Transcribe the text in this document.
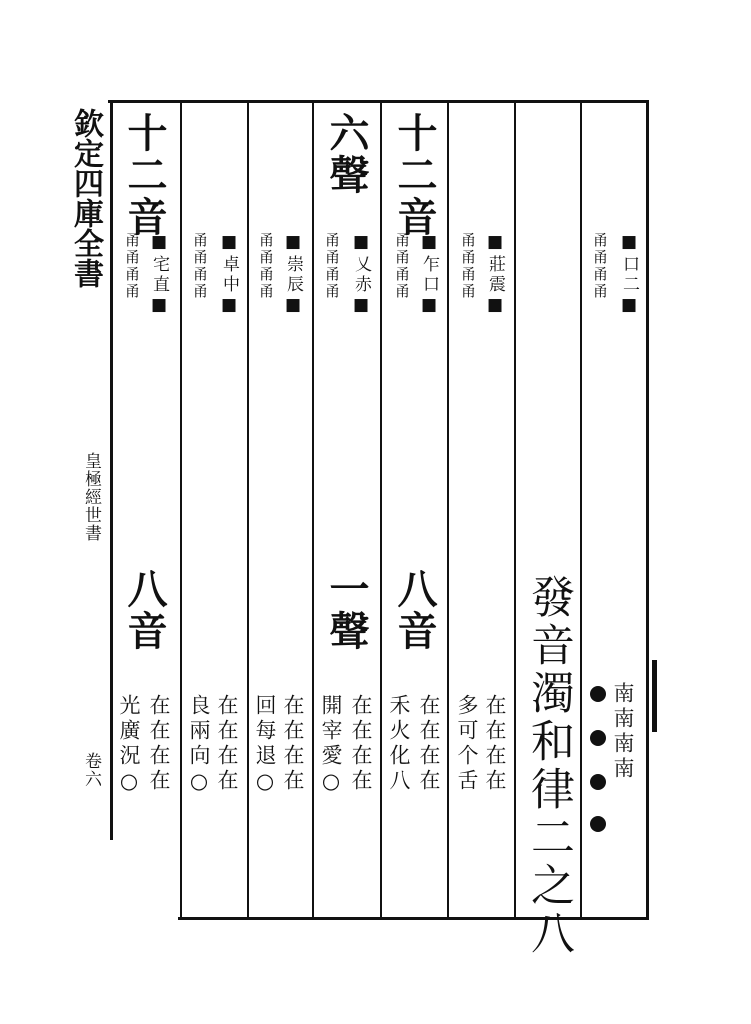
欽定四庫全書
皇極經世書
卷六
十二音
■宅直■
甬甬甬甬
八音
在在在在
光廣況○
■卓中■
甬甬甬甬
在在在在
良兩向○
■崇辰■
甬甬甬甬
在在在在
回每退○
六聲
■乂赤■
甬甬甬甬
一聲
在在在在
開宰愛○
十二音
■乍口■
甬甬甬甬
八音
在在在在
禾火化八
■莊震■
甬甬甬甬
在在在在
多可个舌 發音濁和律二之八
■口二■
甬甬甬甬
南南南南
